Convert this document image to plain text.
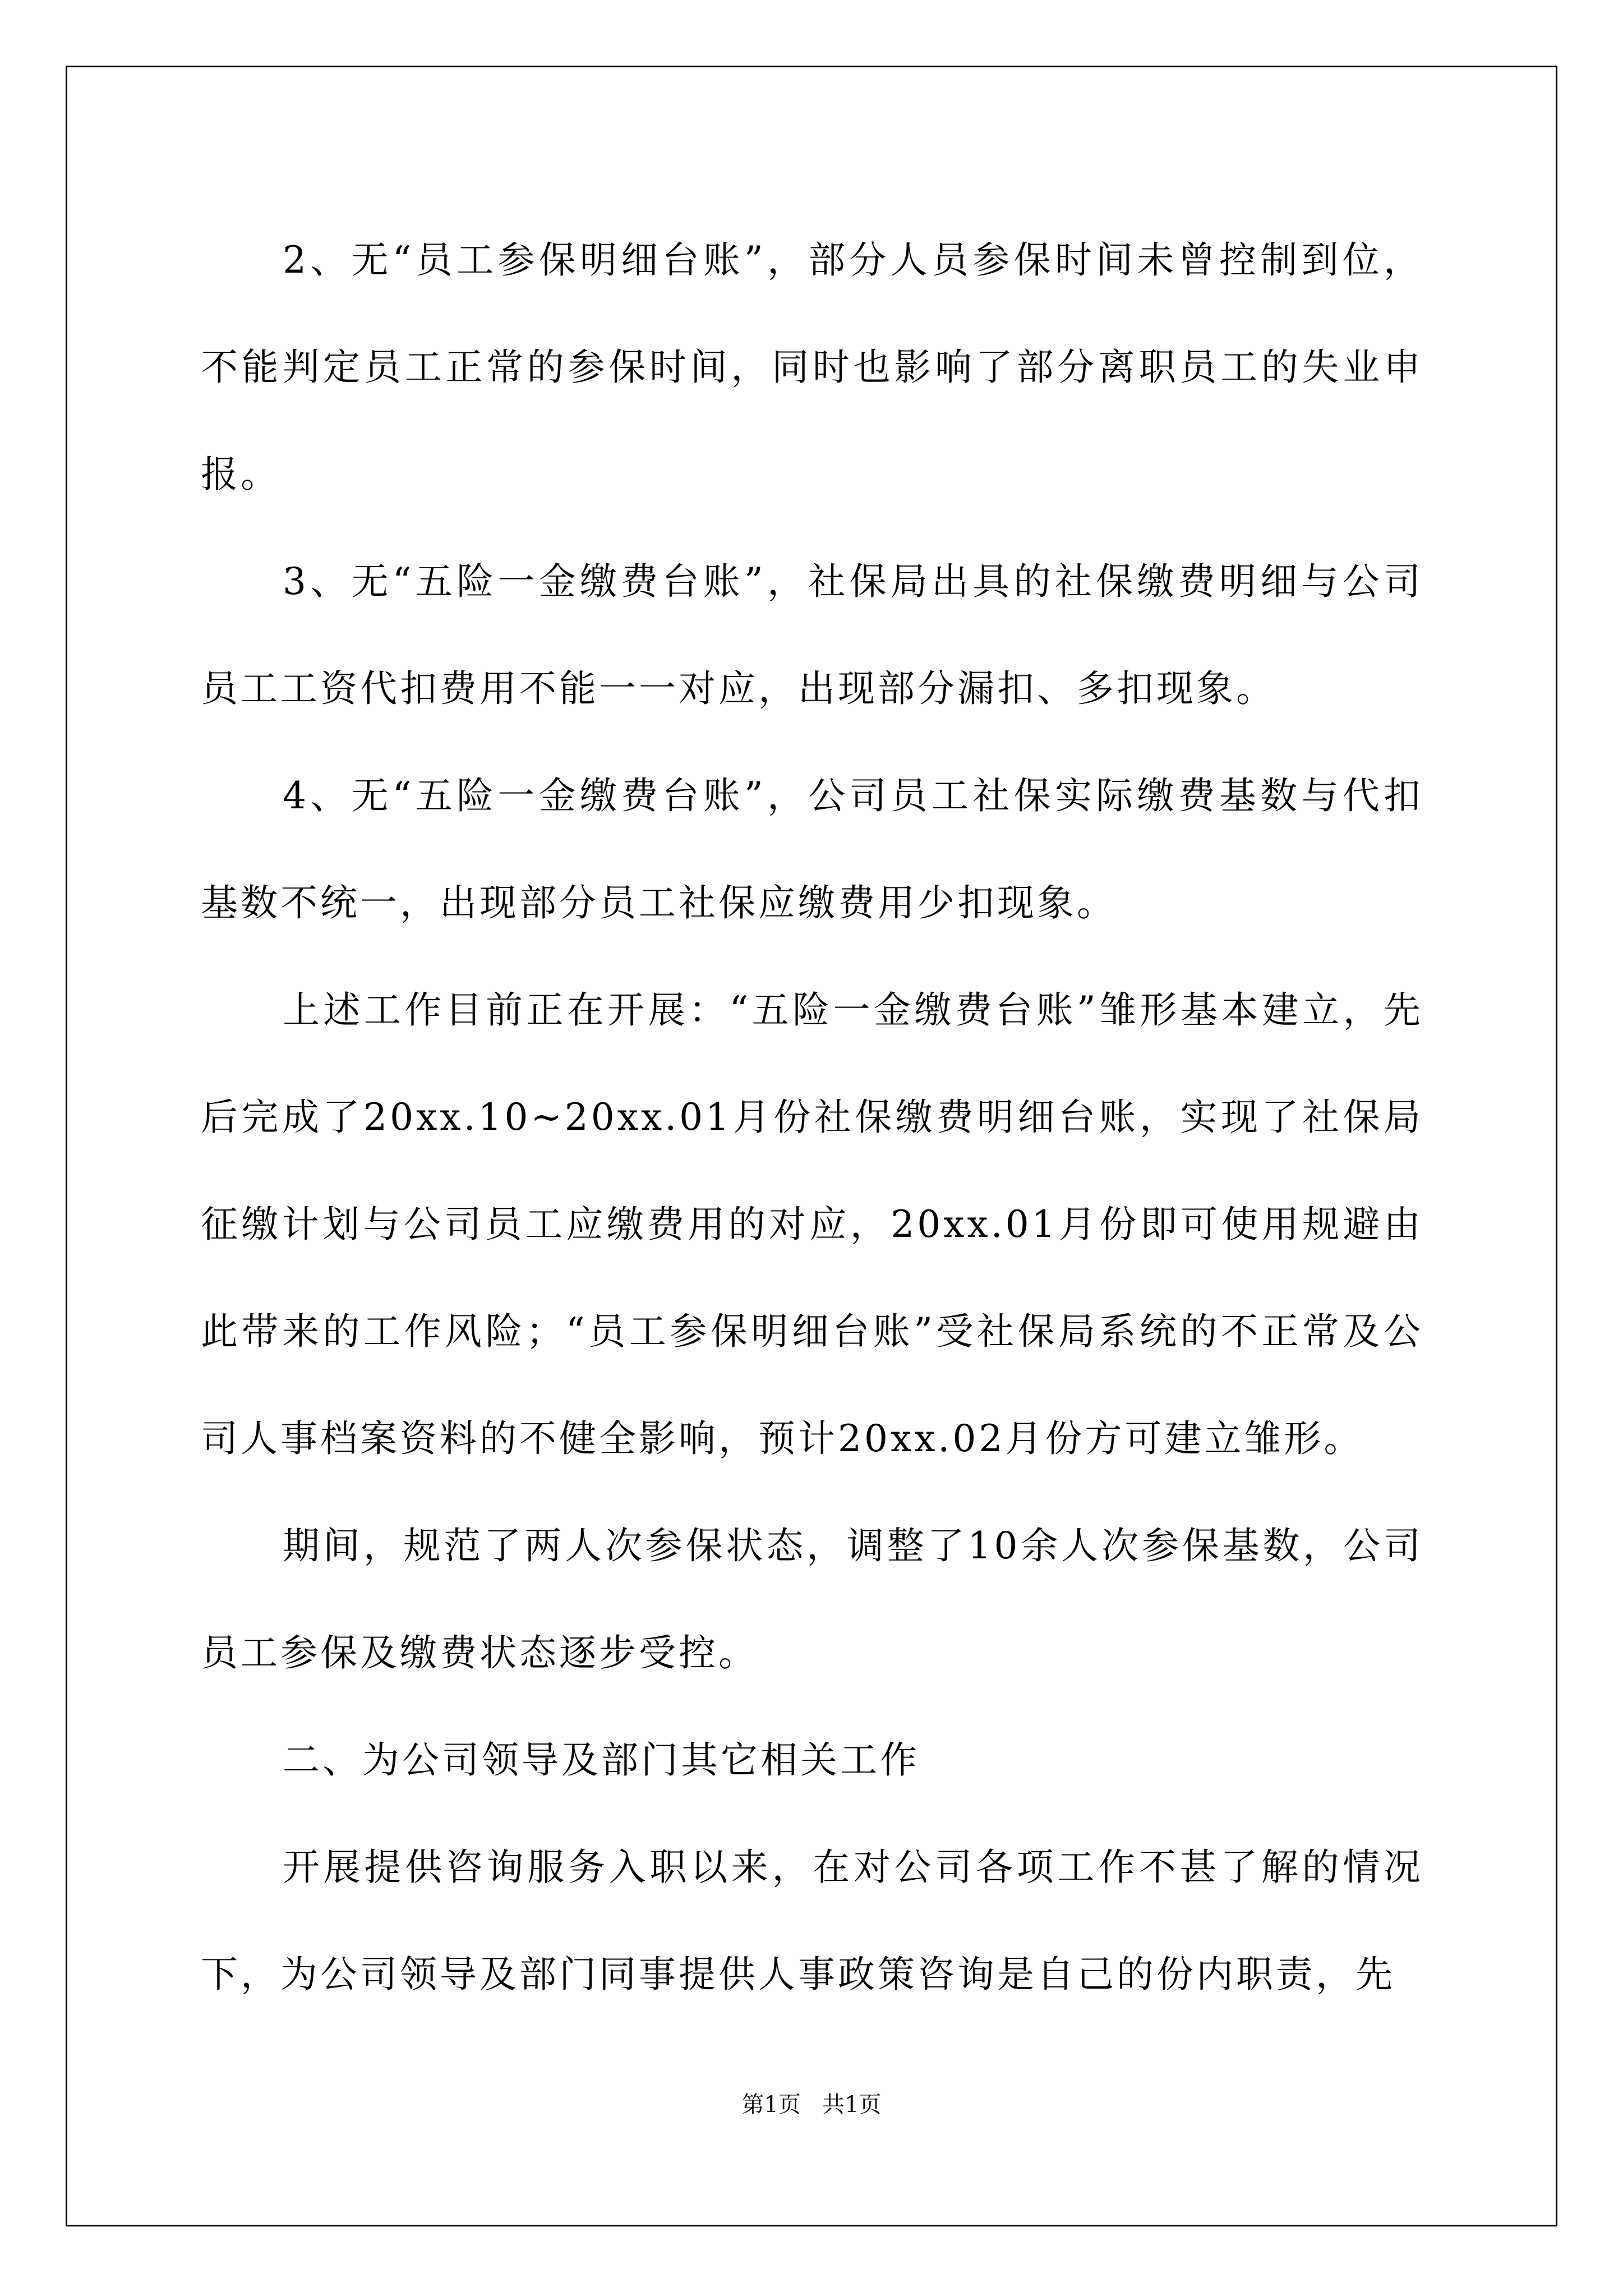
2、无“员工参保明细台账”，部分人员参保时间未曾控制到位，不能判定员工正常的参保时间，同时也影响了部分离职员工的失业申报。

3、无“五险一金缴费台账”，社保局出具的社保缴费明细与公司员工工资代扣费用不能一一对应，出现部分漏扣、多扣现象。

4、无“五险一金缴费台账”，公司员工社保实际缴费基数与代扣基数不统一，出现部分员工社保应缴费用少扣现象。

上述工作目前正在开展：“五险一金缴费台账”雏形基本建立，先后完成了20xx.10~20xx.01月份社保缴费明细台账，实现了社保局征缴计划与公司员工应缴费用的对应，20xx.01月份即可使用规避由此带来的工作风险；“员工参保明细台账”受社保局系统的不正常及公司人事档案资料的不健全影响，预计20xx.02月份方可建立雏形。

期间，规范了两人次参保状态，调整了10余人次参保基数，公司员工参保及缴费状态逐步受控。

二、为公司领导及部门其它相关工作

开展提供咨询服务入职以来，在对公司各项工作不甚了解的情况下，为公司领导及部门同事提供人事政策咨询是自己的份内职责，先

第1页   共1页
